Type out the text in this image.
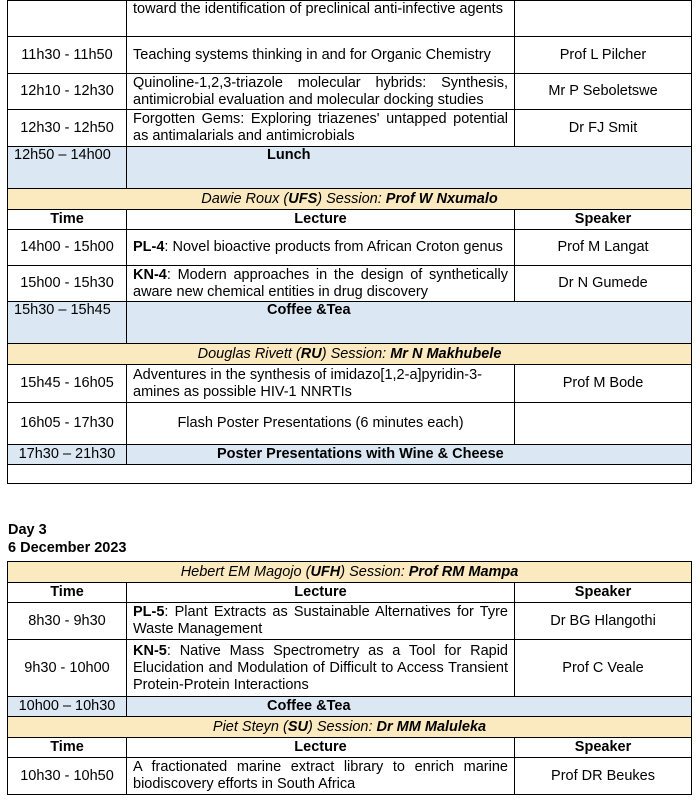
	toward the identification of preclinical anti-infective agents	
11h30 - 11h50	Teaching systems thinking in and for Organic Chemistry	Prof L Pilcher
12h10 - 12h30	Quinoline-1,2,3-triazole molecular hybrids: Synthesis, antimicrobial evaluation and molecular docking studies	Mr P Seboletswe
12h30 - 12h50	Forgotten Gems: Exploring triazenes' untapped potential as antimalarials and antimicrobials	Dr FJ Smit
12h50 – 14h00	Lunch	
Dawie Roux (UFS) Session: Prof W Nxumalo		
Time	Lecture	Speaker
14h00 - 15h00	PL-4: Novel bioactive products from African Croton genus	Prof M Langat
15h00 - 15h30	KN-4: Modern approaches in the design of synthetically aware new chemical entities in drug discovery	Dr N Gumede
15h30 – 15h45	Coffee &Tea	
Douglas Rivett (RU) Session: Mr N Makhubele		
15h45 - 16h05	Adventures in the synthesis of imidazo[1,2-a]pyridin-3-amines as possible HIV-1 NNRTIs	Prof M Bode
16h05 - 17h30	Flash Poster Presentations (6 minutes each)	
17h30 – 21h30	Poster Presentations with Wine & Cheese	

Day 3
6 December 2023
Hebert EM Magojo (UFH) Session: Prof RM Mampa		
Time	Lecture	Speaker
8h30 - 9h30	PL-5: Plant Extracts as Sustainable Alternatives for Tyre Waste Management	Dr BG Hlangothi
9h30 - 10h00	KN-5: Native Mass Spectrometry as a Tool for Rapid Elucidation and Modulation of Difficult to Access Transient Protein-Protein Interactions	Prof C Veale
10h00 – 10h30	Coffee &Tea	
Piet Steyn (SU) Session: Dr MM Maluleka		
Time	Lecture	Speaker
10h30 - 10h50	A fractionated marine extract library to enrich marine biodiscovery efforts in South Africa	Prof DR Beukes
